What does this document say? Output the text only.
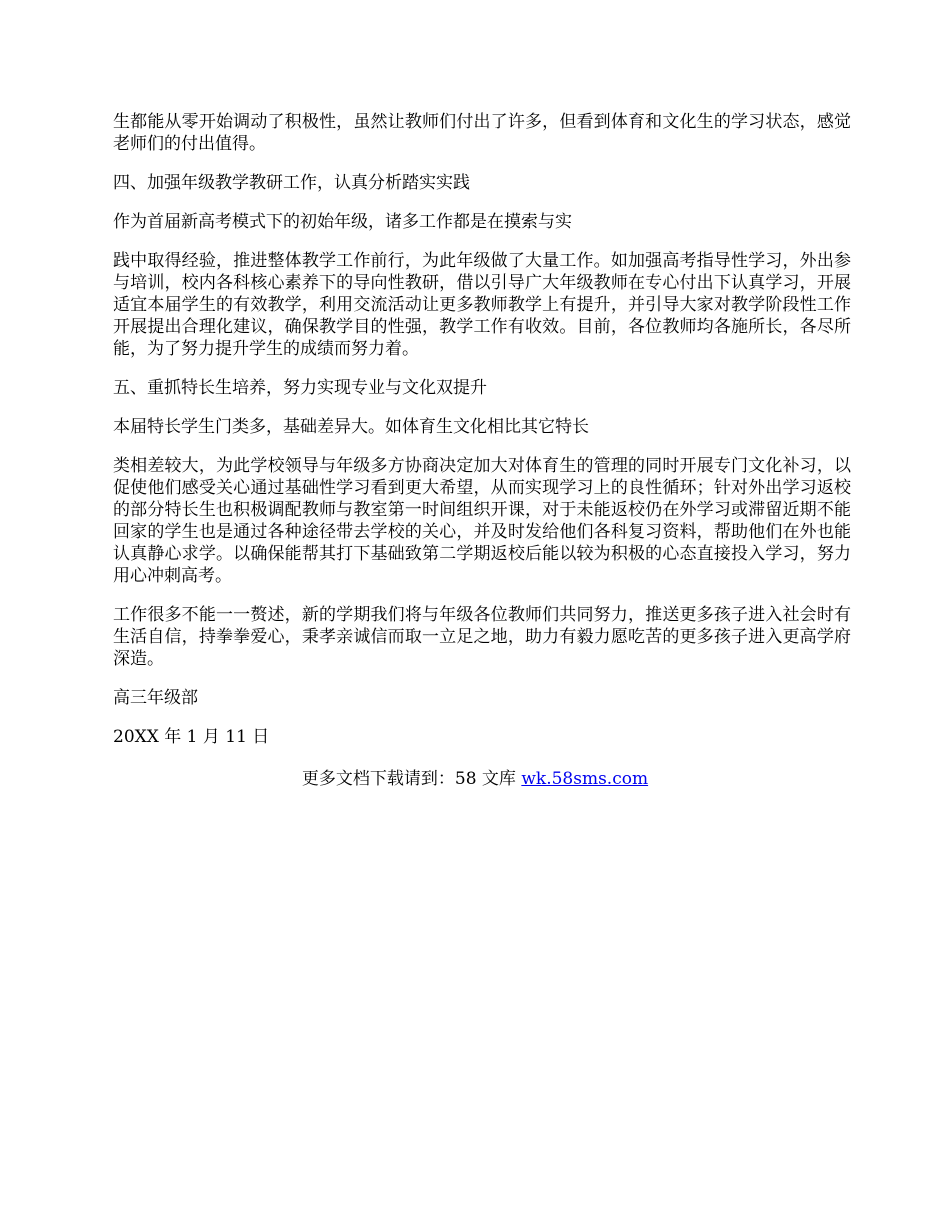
生都能从零开始调动了积极性，虽然让教师们付出了许多，但看到体育和文化生的学习状态，感觉老师们的付出值得。

四、加强年级教学教研工作，认真分析踏实实践

作为首届新高考模式下的初始年级，诸多工作都是在摸索与实

践中取得经验，推进整体教学工作前行，为此年级做了大量工作。如加强高考指导性学习，外出参与培训，校内各科核心素养下的导向性教研，借以引导广大年级教师在专心付出下认真学习，开展适宜本届学生的有效教学，利用交流活动让更多教师教学上有提升，并引导大家对教学阶段性工作开展提出合理化建议，确保教学目的性强，教学工作有收效。目前，各位教师均各施所长，各尽所能，为了努力提升学生的成绩而努力着。

五、重抓特长生培养，努力实现专业与文化双提升

本届特长学生门类多，基础差异大。如体育生文化相比其它特长

类相差较大，为此学校领导与年级多方协商决定加大对体育生的管理的同时开展专门文化补习，以促使他们感受关心通过基础性学习看到更大希望，从而实现学习上的良性循环；针对外出学习返校的部分特长生也积极调配教师与教室第一时间组织开课，对于未能返校仍在外学习或滞留近期不能回家的学生也是通过各种途径带去学校的关心，并及时发给他们各科复习资料，帮助他们在外也能认真静心求学。以确保能帮其打下基础致第二学期返校后能以较为积极的心态直接投入学习，努力用心冲刺高考。

工作很多不能一一赘述，新的学期我们将与年级各位教师们共同努力，推送更多孩子进入社会时有生活自信，持拳拳爱心，秉孝亲诚信而取一立足之地，助力有毅力愿吃苦的更多孩子进入更高学府深造。

高三年级部

20XX 年 1 月 11 日

更多文档下载请到：58 文库 wk.58sms.com
